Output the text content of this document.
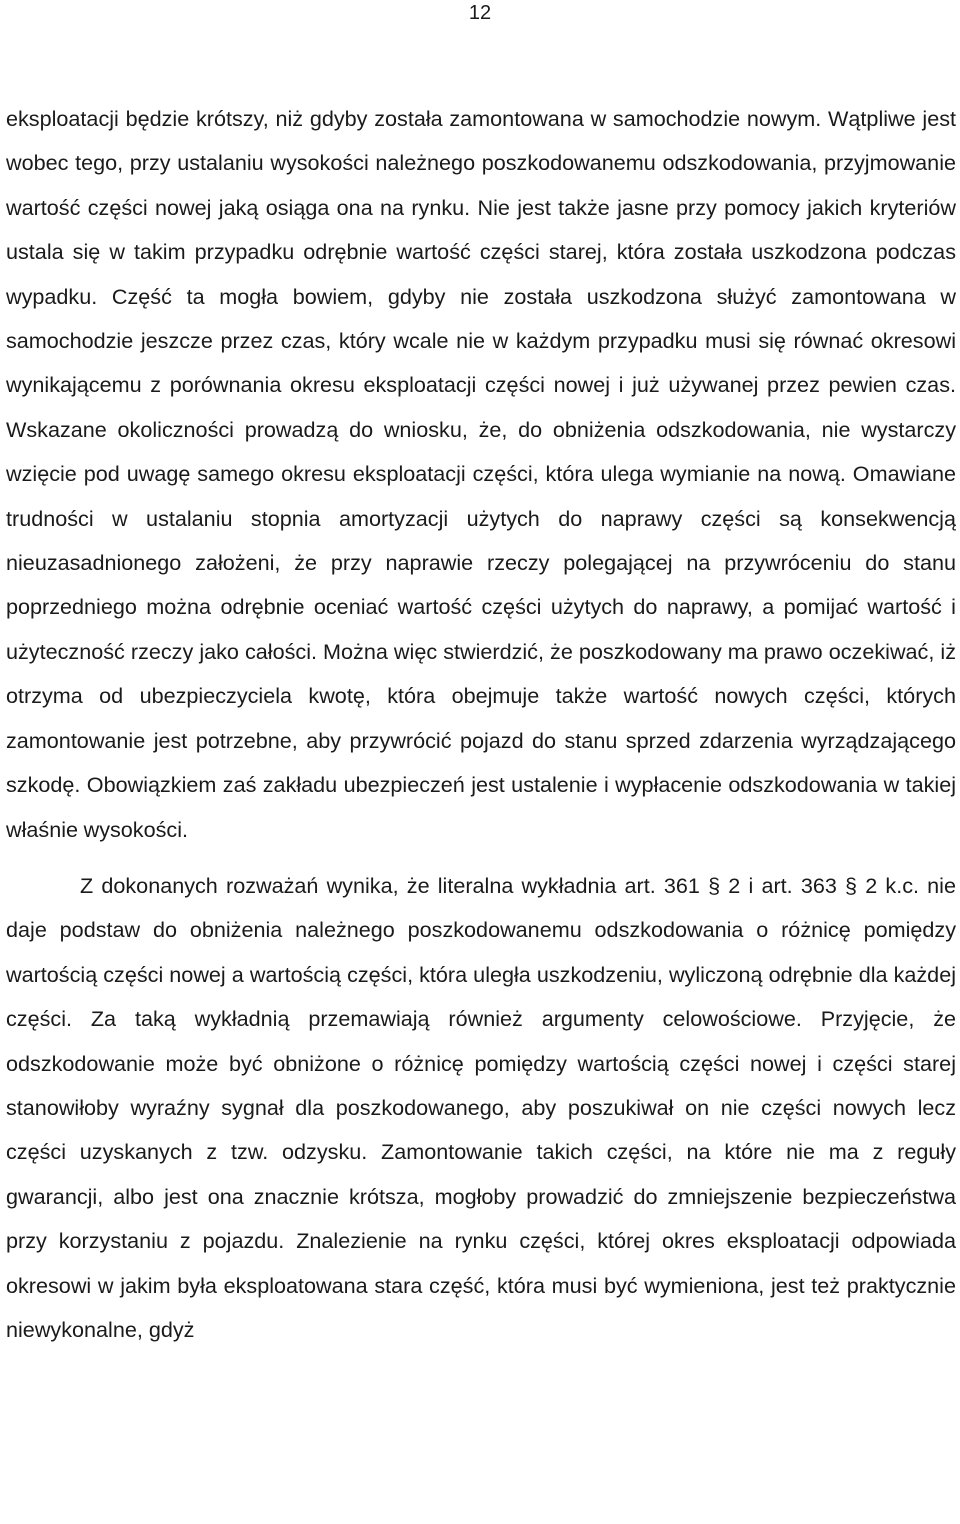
12

eksploatacji będzie krótszy, niż gdyby została zamontowana w samochodzie nowym. Wątpliwe jest wobec tego, przy ustalaniu wysokości należnego poszkodowanemu odszkodowania, przyjmowanie wartość części nowej jaką osiąga ona na rynku. Nie jest także jasne przy pomocy jakich kryteriów ustala się w takim przypadku odrębnie wartość części starej, która została uszkodzona podczas wypadku. Część ta mogła bowiem, gdyby nie została uszkodzona służyć zamontowana w samochodzie jeszcze przez czas, który wcale nie w każdym przypadku musi się równać okresowi wynikającemu z porównania okresu eksploatacji części nowej i już używanej przez pewien czas. Wskazane okoliczności prowadzą do wniosku, że, do obniżenia odszkodowania, nie wystarczy wzięcie pod uwagę samego okresu eksploatacji części, która ulega wymianie na nową. Omawiane trudności w ustalaniu stopnia amortyzacji użytych do naprawy części są konsekwencją nieuzasadnionego założeni, że przy naprawie rzeczy polegającej na przywróceniu do stanu poprzedniego można odrębnie oceniać wartość części użytych do naprawy, a pomijać wartość i użyteczność rzeczy jako całości. Można więc stwierdzić, że poszkodowany ma prawo oczekiwać, iż otrzyma od ubezpieczyciela kwotę, która obejmuje także wartość nowych części, których zamontowanie jest potrzebne, aby przywrócić pojazd do stanu sprzed zdarzenia wyrządzającego szkodę. Obowiązkiem zaś zakładu ubezpieczeń jest ustalenie i wypłacenie odszkodowania w takiej właśnie wysokości.

Z dokonanych rozważań wynika, że literalna wykładnia art. 361 § 2 i art. 363 § 2 k.c. nie daje podstaw do obniżenia należnego poszkodowanemu odszkodowania o różnicę pomiędzy wartością części nowej a wartością części, która uległa uszkodzeniu, wyliczoną odrębnie dla każdej części. Za taką wykładnią przemawiają również argumenty celowościowe. Przyjęcie, że odszkodowanie może być obniżone o różnicę pomiędzy wartością części nowej i części starej stanowiłoby wyraźny sygnał dla poszkodowanego, aby poszukiwał on nie części nowych lecz części uzyskanych z tzw. odzysku. Zamontowanie takich części, na które nie ma z reguły gwarancji, albo jest ona znacznie krótsza, mogłoby prowadzić do zmniejszenie bezpieczeństwa przy korzystaniu z pojazdu. Znalezienie na rynku części, której okres eksploatacji odpowiada okresowi w jakim była eksploatowana stara część, która musi być wymieniona, jest też praktycznie niewykonalne, gdyż
